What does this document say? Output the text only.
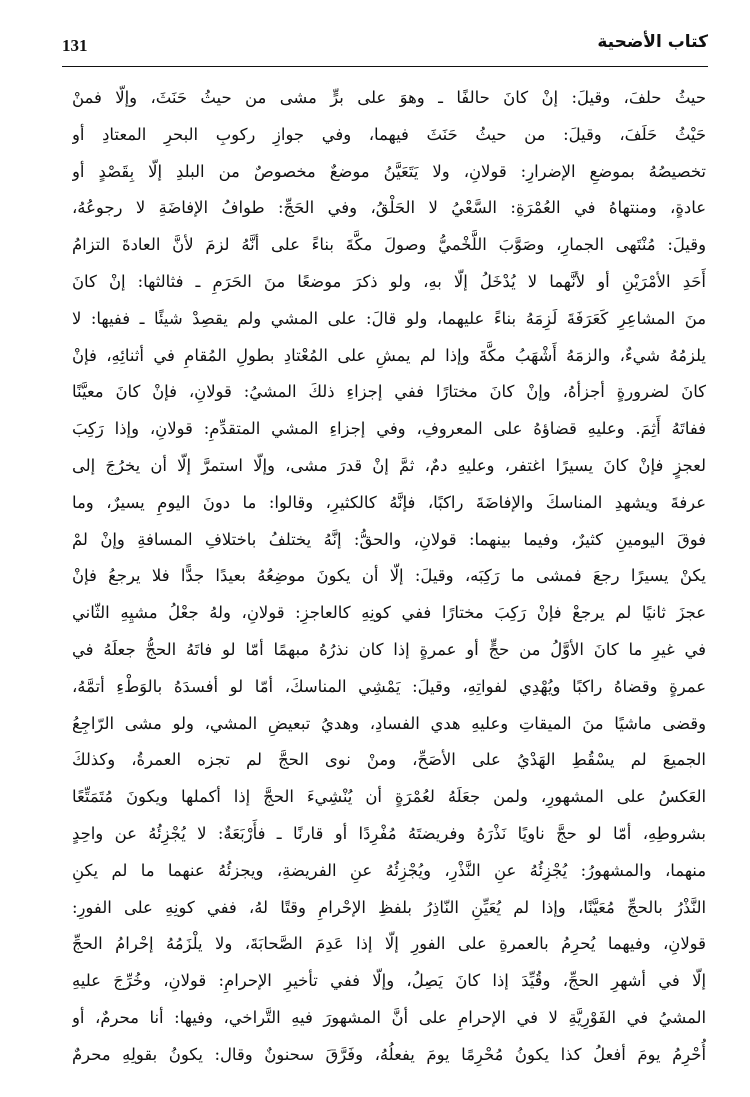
131	كتاب الأضحية
حيثُ حلفَ، وقيلَ: إنْ كانَ حالفًا ـ وهوَ على برٍّ مشى من حيثُ حَنَثَ، وإلّا فمنْ
حَيْثُ حَلَفَ، وقيلَ: من حيثُ حَنَثَ فيهما، وفي جوازِ ركوبِ البحرِ المعتادِ أو
تخصيصُهُ بموضعِ الإضرارِ: قولانِ، ولا يَتَعَيَّنُ موضعٌ مخصوصٌ من البلدِ إلّا بِقَصْدٍ أو
عادةٍ، ومنتهاهُ في العُمْرَةِ: السَّعْيُ لا الحَلْقُ، وفي الحَجِّ: طوافُ الإفاضَةِ لا رجوعُهُ،
وقيلَ: مُنْتَهى الجمارِ، وصَوَّبَ اللَّخْميُّ وصولَ مكَّةَ بناءً على أنَّهُ لزمَ لأنَّ العادةَ التزامُ
أَحَدِ الأمْرَيْنِ أو لأنَّهما لا يُدْخَلُ إلّا بهِ، ولو ذكرَ موضعًا منَ الحَرَمِ ـ فثالثها: إنْ كانَ
منَ المشاعِرِ كَعَرَفَةَ لَزِمَهُ بناءً عليهما، ولو قالَ: على المشي ولم يقصِدْ شيئًا ـ ففيها: لا
يلزمُهُ شيءٌ، والزمَهُ أَشْهَبُ مكَّةَ وإذا لم يمشِ على المُعْتادِ بطولِ المُقامِ في أثنائِهِ، فإنْ
كانَ لضرورةٍ أجزأهُ، وإنْ كانَ مختارًا ففي إجزاءِ ذلكَ المشيُ: قولانِ، فإنْ كانَ معيَّنًا
ففاتَهُ أَثِمَ. وعليهِ قضاؤهُ على المعروفِ، وفي إجزاءِ المشي المتقدِّمِ: قولانِ، وإذا رَكِبَ
لعجزٍ فإنْ كانَ يسيرًا اغتفر، وعليهِ دمٌ، ثمَّ إنْ قدرَ مشى، وإلّا استمرَّ إلّا أن يخرُجَ إلى
عرفةَ ويشهدِ المناسكَ والإفاضَةَ راكبًا، فإنَّهُ كالكثيرِ، وقالوا: ما دونَ اليومِ يسيرٌ، وما
فوقَ اليومينِ كثيرٌ، وفيما بينهما: قولانِ، والحقُّ: إنَّهُ يختلفُ باختلافِ المسافةِ وإنْ لمْ
يكنْ يسيرًا رجعَ فمشى ما رَكِبَه، وقيلَ: إلّا أن يكونَ موضِعُهُ بعيدًا جدًّا فلا يرجعُ فإنْ
عجزَ ثانيًا لم يرجعْ فإنْ رَكِبَ مختارًا ففي كونِهِ كالعاجزِ: قولانِ، ولهُ جعْلُ مشيِهِ الثّاني
في غيرِ ما كانَ الأوَّلُ من حجٍّ أو عمرةٍ إذا كان نذرُهُ مبهمًا أمّا لو فاتَهُ الحجُّ جعلَهُ في
عمرةٍ وقضاهُ راكبًا ويُهْدِي لفواتِهِ، وقيلَ: يَمْشِي المناسكَ، أمّا لو أفسدَهُ بالوَطْءِ أتمَّهُ،
وقضى ماشيًا منَ الميقاتِ وعليهِ هدي الفسادِ، وهديُ تبعيضِ المشي، ولو مشى الرّاجِعُ
الجميعَ لم يسْقُطِ الهَدْيُ على الأصَحِّ، ومنْ نوى الحجَّ لم تجزه العمرةُ، وكذلكَ
العَكسُ على المشهورِ، ولمن جعَلَهُ لعُمْرَةٍ أن يُنْشِيءَ الحجَّ إذا أكملها ويكونَ مُتَمَتِّعًا
بشروطِهِ، أمّا لو حجَّ ناويًا نَذْرَهُ وفريضتَهُ مُفْرِدًا أو قارنًا ـ فأَرْبَعَةٌ: لا يُجْزِئُهُ عن واحِدٍ
منهما، والمشهورُ: يُجْزِئُهُ عنِ النَّذْرِ، ويُجْزِئُهُ عنِ الفريضةِ، ويجزئُهُ عنهما ما لم يكنِ
النَّذْرُ بالحجِّ مُعَيَّنًا، وإذا لم يُعَيِّنِ النّاذِرُ بلفظِ الإحْرامِ وقتًا لهُ، ففي كونِهِ على الفورِ:
قولانِ، وفيهما يُحرِمُ بالعمرةِ على الفورِ إلّا إذا عَدِمَ الصَّحابَةَ، ولا يلْزَمُهُ إحْرامُ الحجِّ
إلّا في أشهرِ الحجِّ، وقُيِّدَ إذا كانَ يَصِلُ، وإلّا ففي تأخيرِ الإحرامِ: قولانِ، وخُرِّجَ عليهِ
المشيُ في الفَوْرِيَّةِ لا في الإحرامِ على أنَّ المشهورَ فيهِ التَّراخي، وفيها: أنا محرمٌ، أو
أُحْرِمُ يومَ أفعلُ كذا يكونُ مُحْرِمًا يومَ يفعلُهُ، وفَرَّقَ سحنونٌ وقال: يكونُ بقولِهِ محرمٌ
